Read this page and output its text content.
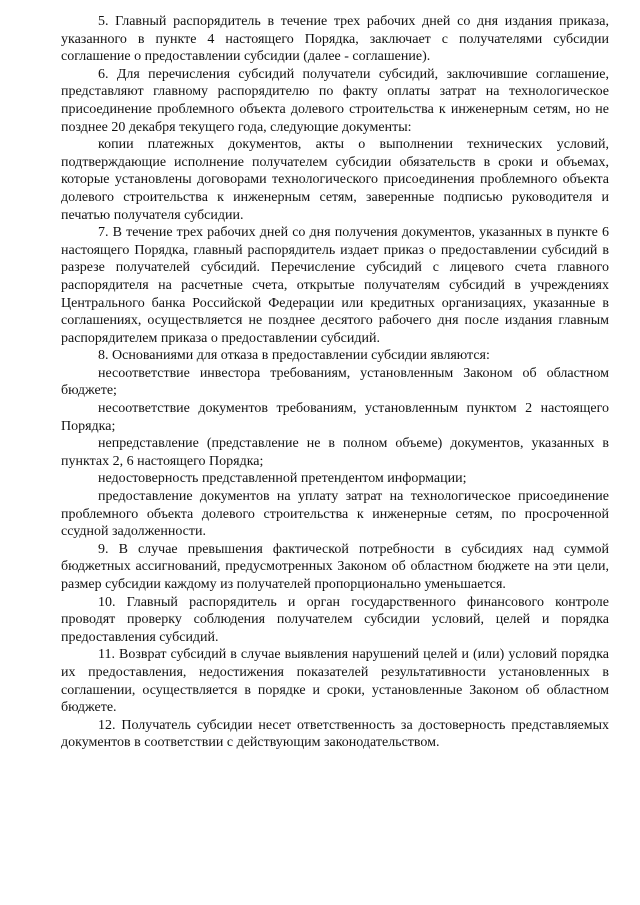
5. Главный распорядитель в течение трех рабочих дней со дня издания приказа, указанного в пункте 4 настоящего Порядка, заключает с получателями субсидии соглашение о предоставлении субсидии (далее - соглашение).

6. Для перечисления субсидий получатели субсидий, заключившие соглашение, представляют главному распорядителю по факту оплаты затрат на технологическое присоединение проблемного объекта долевого строительства к инженерным сетям, но не позднее 20 декабря текущего года, следующие документы:

копии платежных документов, акты о выполнении технических условий, подтверждающие исполнение получателем субсидии обязательств в сроки и объемах, которые установлены договорами технологического присоединения проблемного объекта долевого строительства к инженерным сетям, заверенные подписью руководителя и печатью получателя субсидии.

7. В течение трех рабочих дней со дня получения документов, указанных в пункте 6 настоящего Порядка, главный распорядитель издает приказ о предоставлении субсидий в разрезе получателей субсидий. Перечисление субсидий с лицевого счета главного распорядителя на расчетные счета, открытые получателям субсидий в учреждениях Центрального банка Российской Федерации или кредитных организациях, указанные в соглашениях, осуществляется не позднее десятого рабочего дня после издания главным распорядителем приказа о предоставлении субсидий.

8. Основаниями для отказа в предоставлении субсидии являются:

несоответствие инвестора требованиям, установленным Законом об областном бюджете;

несоответствие документов требованиям, установленным пунктом 2 настоящего Порядка;

непредставление (представление не в полном объеме) документов, указанных в пунктах 2, 6 настоящего Порядка;

недостоверность представленной претендентом информации;

предоставление документов на уплату затрат на технологическое присоединение проблемного объекта долевого строительства к инженерные сетям, по просроченной ссудной задолженности.

9. В случае превышения фактической потребности в субсидиях над суммой бюджетных ассигнований, предусмотренных Законом об областном бюджете на эти цели, размер субсидии каждому из получателей пропорционально уменьшается.

10. Главный распорядитель и орган государственного финансового контроле проводят проверку соблюдения получателем субсидии условий, целей и порядка предоставления субсидий.

11. Возврат субсидий в случае выявления нарушений целей и (или) условий порядка их предоставления, недостижения показателей результативности установленных в соглашении, осуществляется в порядке и сроки, установленные Законом об областном бюджете.

12. Получатель субсидии несет ответственность за достоверность представляемых документов в соответствии с действующим законодательством.
